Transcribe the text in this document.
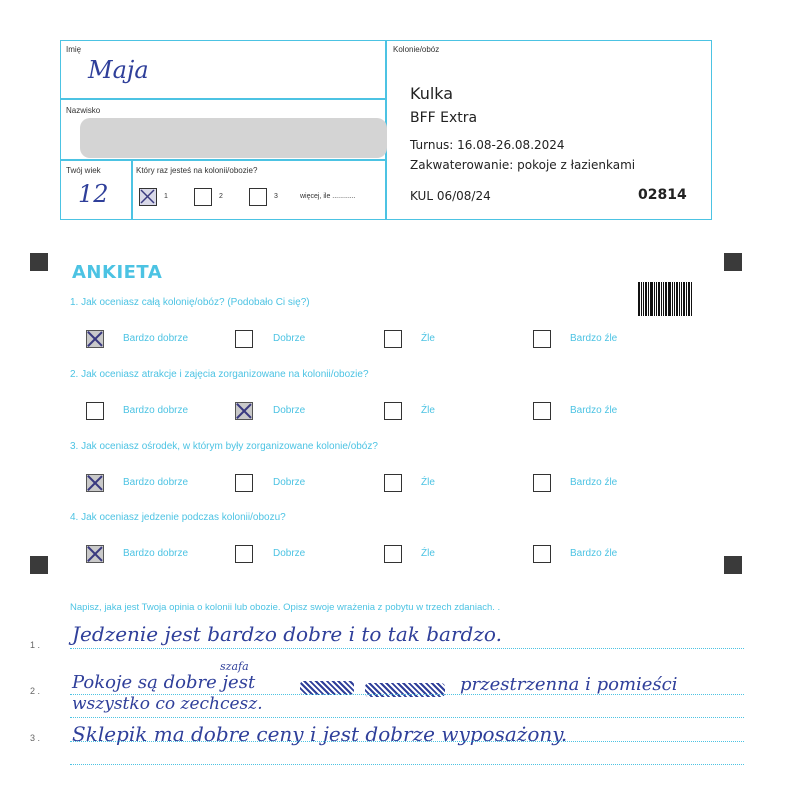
Imię
Maja
Nazwisko
Twój wiek
12
Który raz jesteś na kolonii/obozie?
1	2	3	więcej, ile ............
Kolonie/obóz
Kulka
BFF Extra
Turnus: 16.08-26.08.2024
Zakwaterowanie: pokoje z łazienkami
KUL 06/08/24	02814
ANKIETA
1. Jak oceniasz całą kolonię/obóz? (Podobało Ci się?)
Bardzo dobrze	Dobrze	Źle	Bardzo źle
2. Jak oceniasz atrakcje i zajęcia zorganizowane na kolonii/obozie?
Bardzo dobrze	Dobrze	Źle	Bardzo źle
3. Jak oceniasz ośrodek, w którym były zorganizowane kolonie/obóz?
Bardzo dobrze	Dobrze	Źle	Bardzo źle
4. Jak oceniasz jedzenie podczas kolonii/obozu?
Bardzo dobrze	Dobrze	Źle	Bardzo źle
Napisz, jaka jest Twoja opinia o kolonii lub obozie. Opisz swoje wrażenia z pobytu w trzech zdaniach. .
1 . Jedzenie jest bardzo dobre i to tak bardzo.
2 . Pokoje są dobre jest
szafa
przestrzenna i pomieści
wszystko co zechcesz.
3 . Sklepik ma dobre ceny i jest dobrze wyposażony.
